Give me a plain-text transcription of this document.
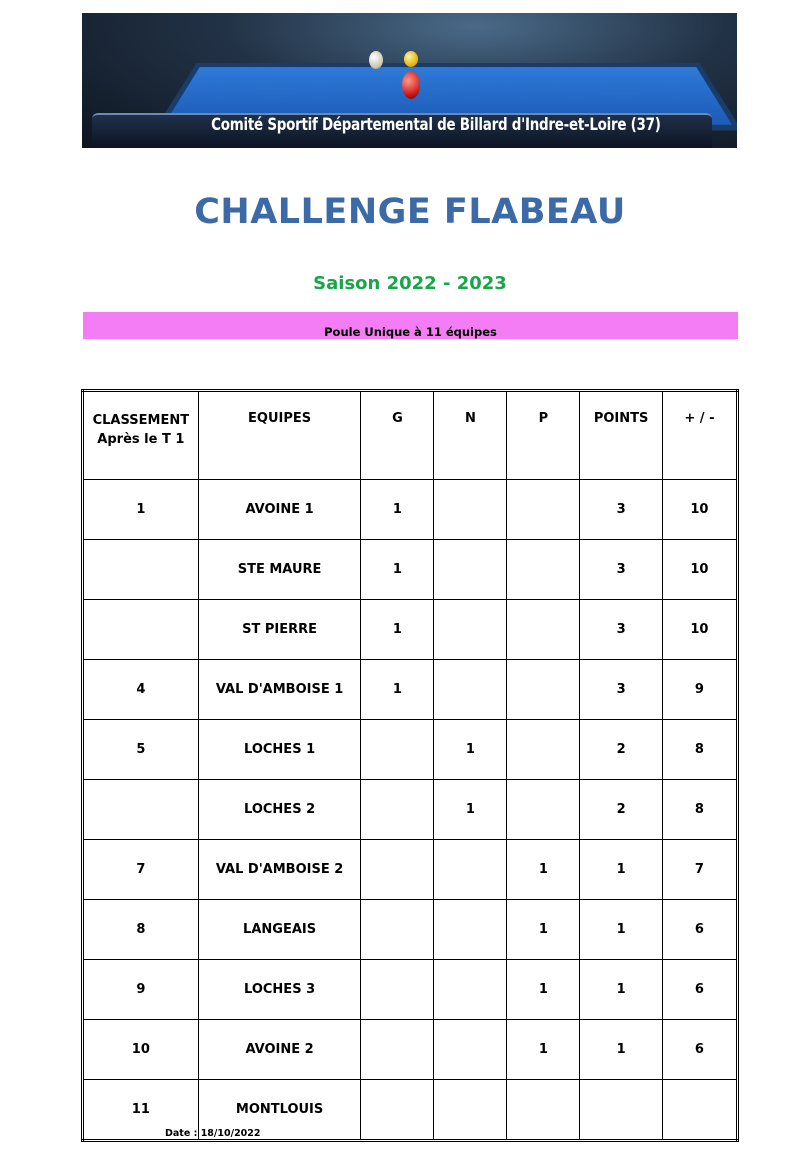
Comité Sportif Départemental de Billard d'Indre-et-Loire (37)
CHALLENGE FLABEAU
Saison 2022 - 2023
Poule Unique à 11 équipes
CLASSEMENT
Après le T 1	EQUIPES	G	N	P	POINTS	+ / -
1	AVOINE 1	1			3	10
	STE MAURE	1			3	10
	ST PIERRE	1			3	10
4	VAL D'AMBOISE 1	1			3	9
5	LOCHES 1		1		2	8
	LOCHES 2		1		2	8
7	VAL D'AMBOISE 2			1	1	7
8	LANGEAIS			1	1	6
9	LOCHES 3			1	1	6
10	AVOINE 2			1	1	6
11	MONTLOUIS					
Date : 18/10/2022
